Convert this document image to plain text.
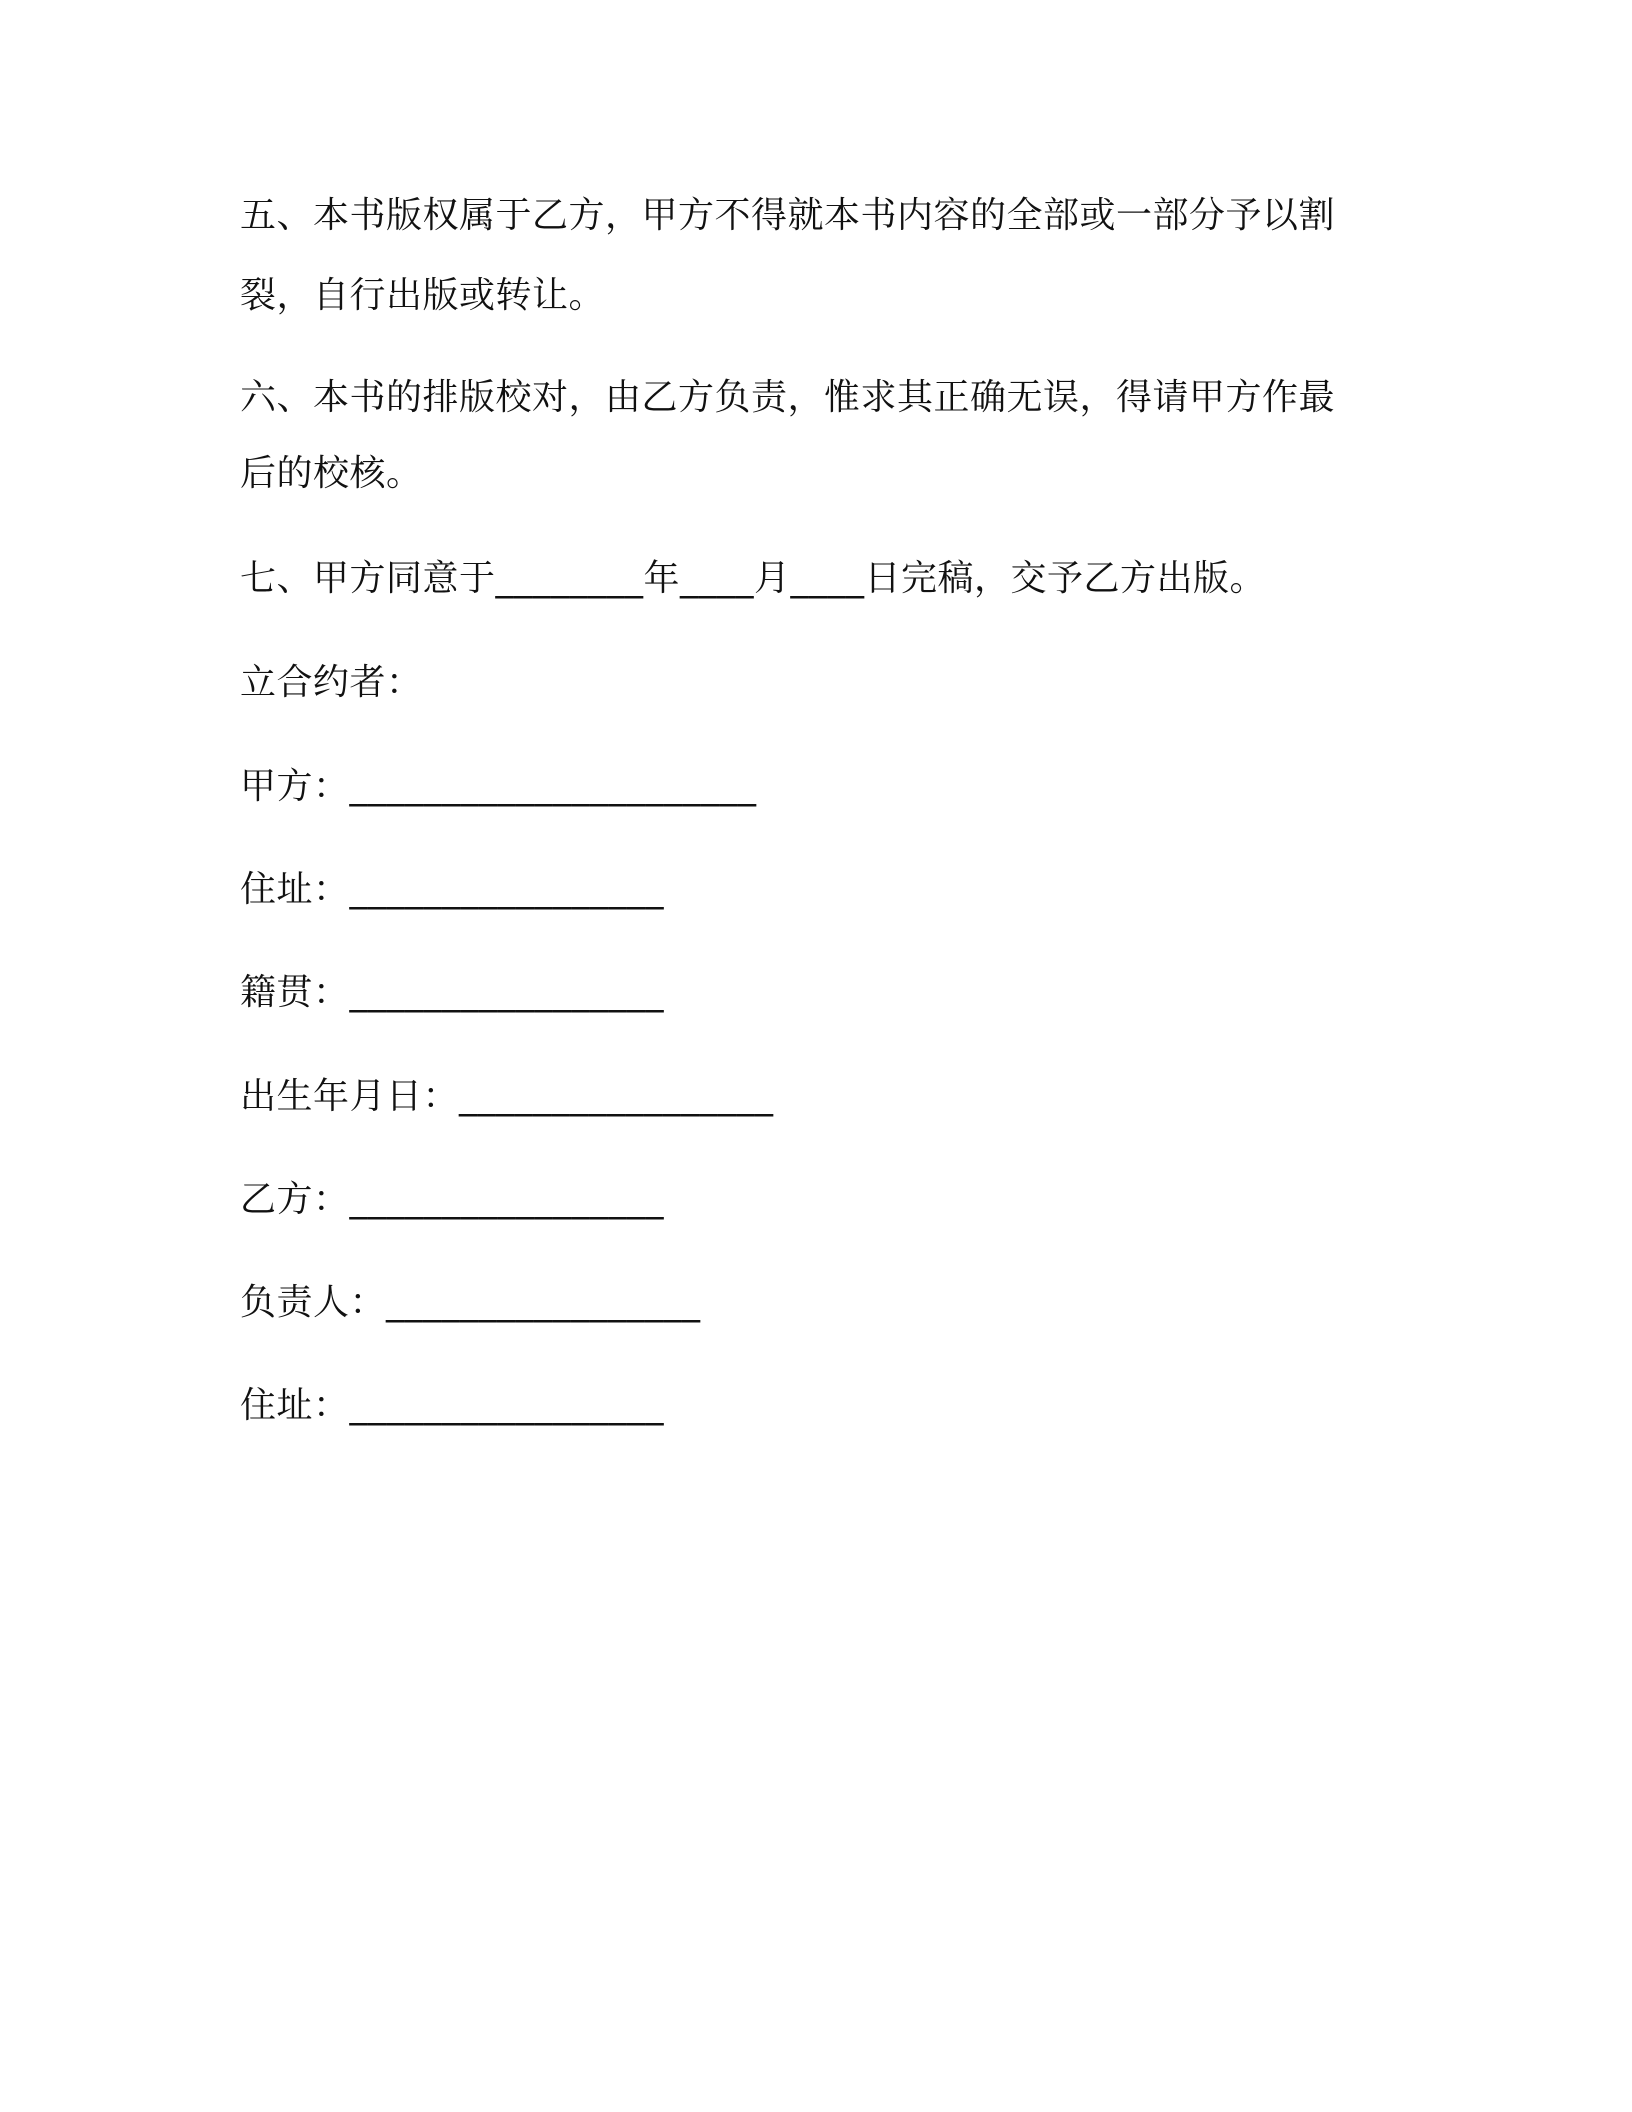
五、本书版权属于乙方，甲方不得就本书内容的全部或一部分予以割
裂，自行出版或转让。
六、本书的排版校对，由乙方负责，惟求其正确无误，得请甲方作最
后的校核。
七、甲方同意于________年____月____日完稿，交予乙方出版。
立合约者：
甲方：______________________
住址：_________________
籍贯：_________________
出生年月日：_________________
乙方：_________________
负责人：_________________
住址：_________________
